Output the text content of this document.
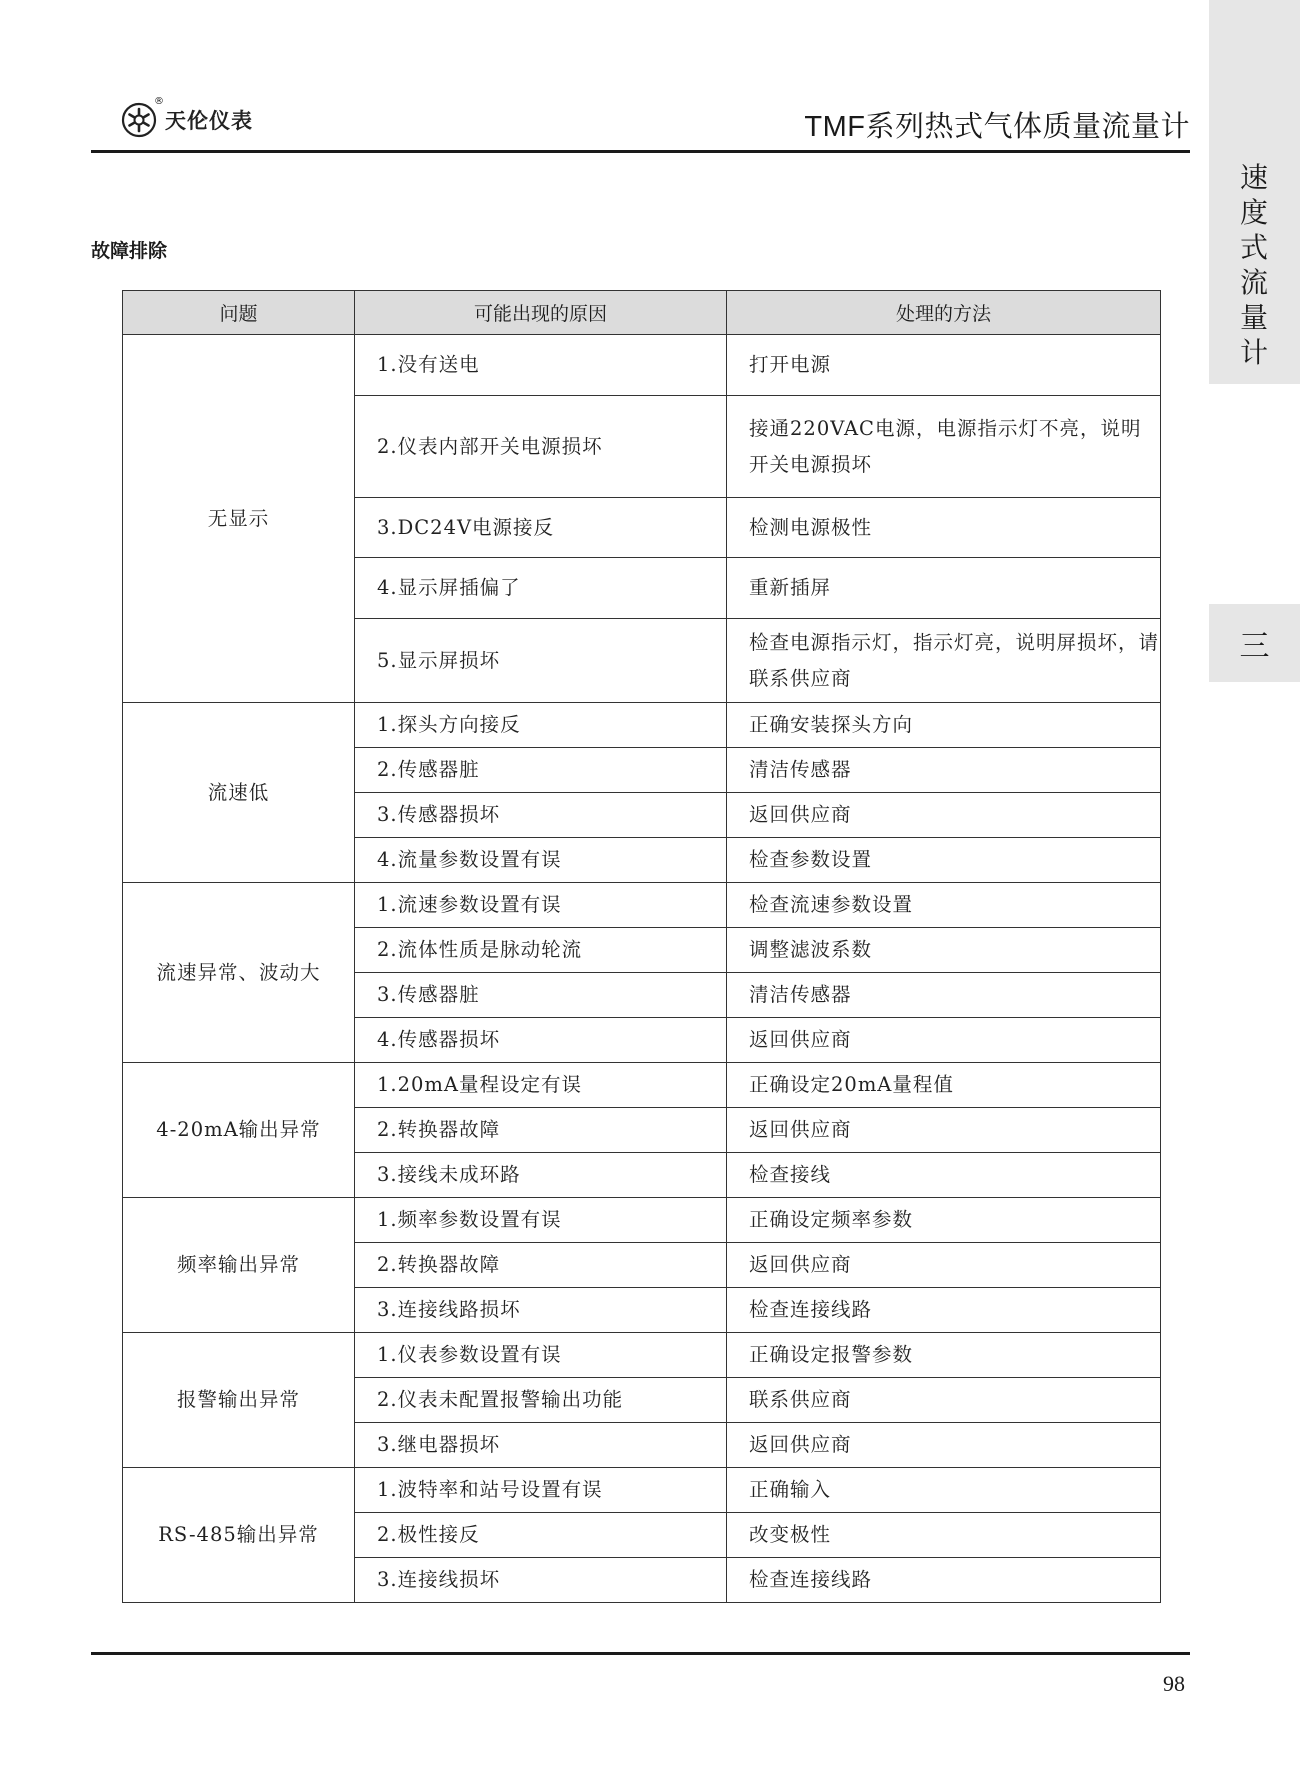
®
天伦仪表	TMF系列热式气体质量流量计
速
度
式
流
量
计
三
故障排除
问题	可能出现的原因	处理的方法
无显示	1.没有送电	打开电源
	2.仪表内部开关电源损坏	接通220VAC电源，电源指示灯不亮，说明开关电源损坏
	3.DC24V电源接反	检测电源极性
	4.显示屏插偏了	重新插屏
	5.显示屏损坏	检查电源指示灯，指示灯亮，说明屏损坏，请联系供应商
流速低	1.探头方向接反	正确安装探头方向
	2.传感器脏	清洁传感器
	3.传感器损坏	返回供应商
	4.流量参数设置有误	检查参数设置
流速异常、波动大	1.流速参数设置有误	检查流速参数设置
	2.流体性质是脉动轮流	调整滤波系数
	3.传感器脏	清洁传感器
	4.传感器损坏	返回供应商
4-20mA输出异常	1.20mA量程设定有误	正确设定20mA量程值
	2.转换器故障	返回供应商
	3.接线未成环路	检查接线
频率输出异常	1.频率参数设置有误	正确设定频率参数
	2.转换器故障	返回供应商
	3.连接线路损坏	检查连接线路
报警输出异常	1.仪表参数设置有误	正确设定报警参数
	2.仪表未配置报警输出功能	联系供应商
	3.继电器损坏	返回供应商
RS-485输出异常	1.波特率和站号设置有误	正确输入
	2.极性接反	改变极性
	3.连接线损坏	检查连接线路
98
